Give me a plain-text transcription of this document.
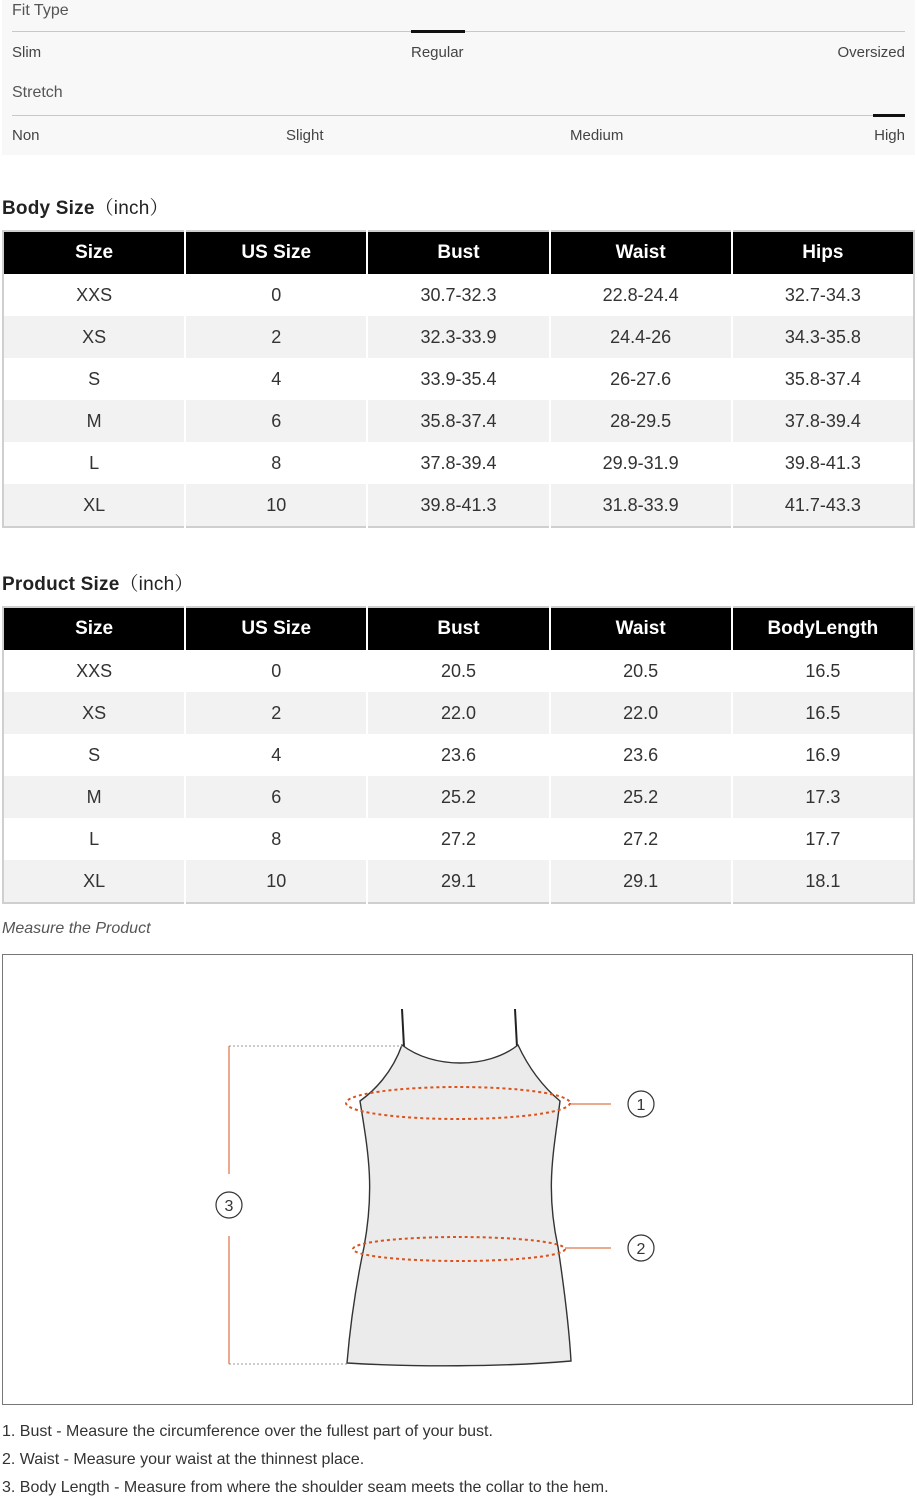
Fit Type
Slim	Regular	Oversized
Stretch
Non	Slight	Medium	High
Body Size（inch）
Size	US Size	Bust	Waist	Hips
XXS	0	30.7-32.3	22.8-24.4	32.7-34.3
XS	2	32.3-33.9	24.4-26	34.3-35.8
S	4	33.9-35.4	26-27.6	35.8-37.4
M	6	35.8-37.4	28-29.5	37.8-39.4
L	8	37.8-39.4	29.9-31.9	39.8-41.3
XL	10	39.8-41.3	31.8-33.9	41.7-43.3
Product Size（inch）
Size	US Size	Bust	Waist	BodyLength
XXS	0	20.5	20.5	16.5
XS	2	22.0	22.0	16.5
S	4	23.6	23.6	16.9
M	6	25.2	25.2	17.3
L	8	27.2	27.2	17.7
XL	10	29.1	29.1	18.1
Measure the Product
1
2
3
1. Bust - Measure the circumference over the fullest part of your bust.
2. Waist - Measure your waist at the thinnest place.
3. Body Length - Measure from where the shoulder seam meets the collar to the hem.
